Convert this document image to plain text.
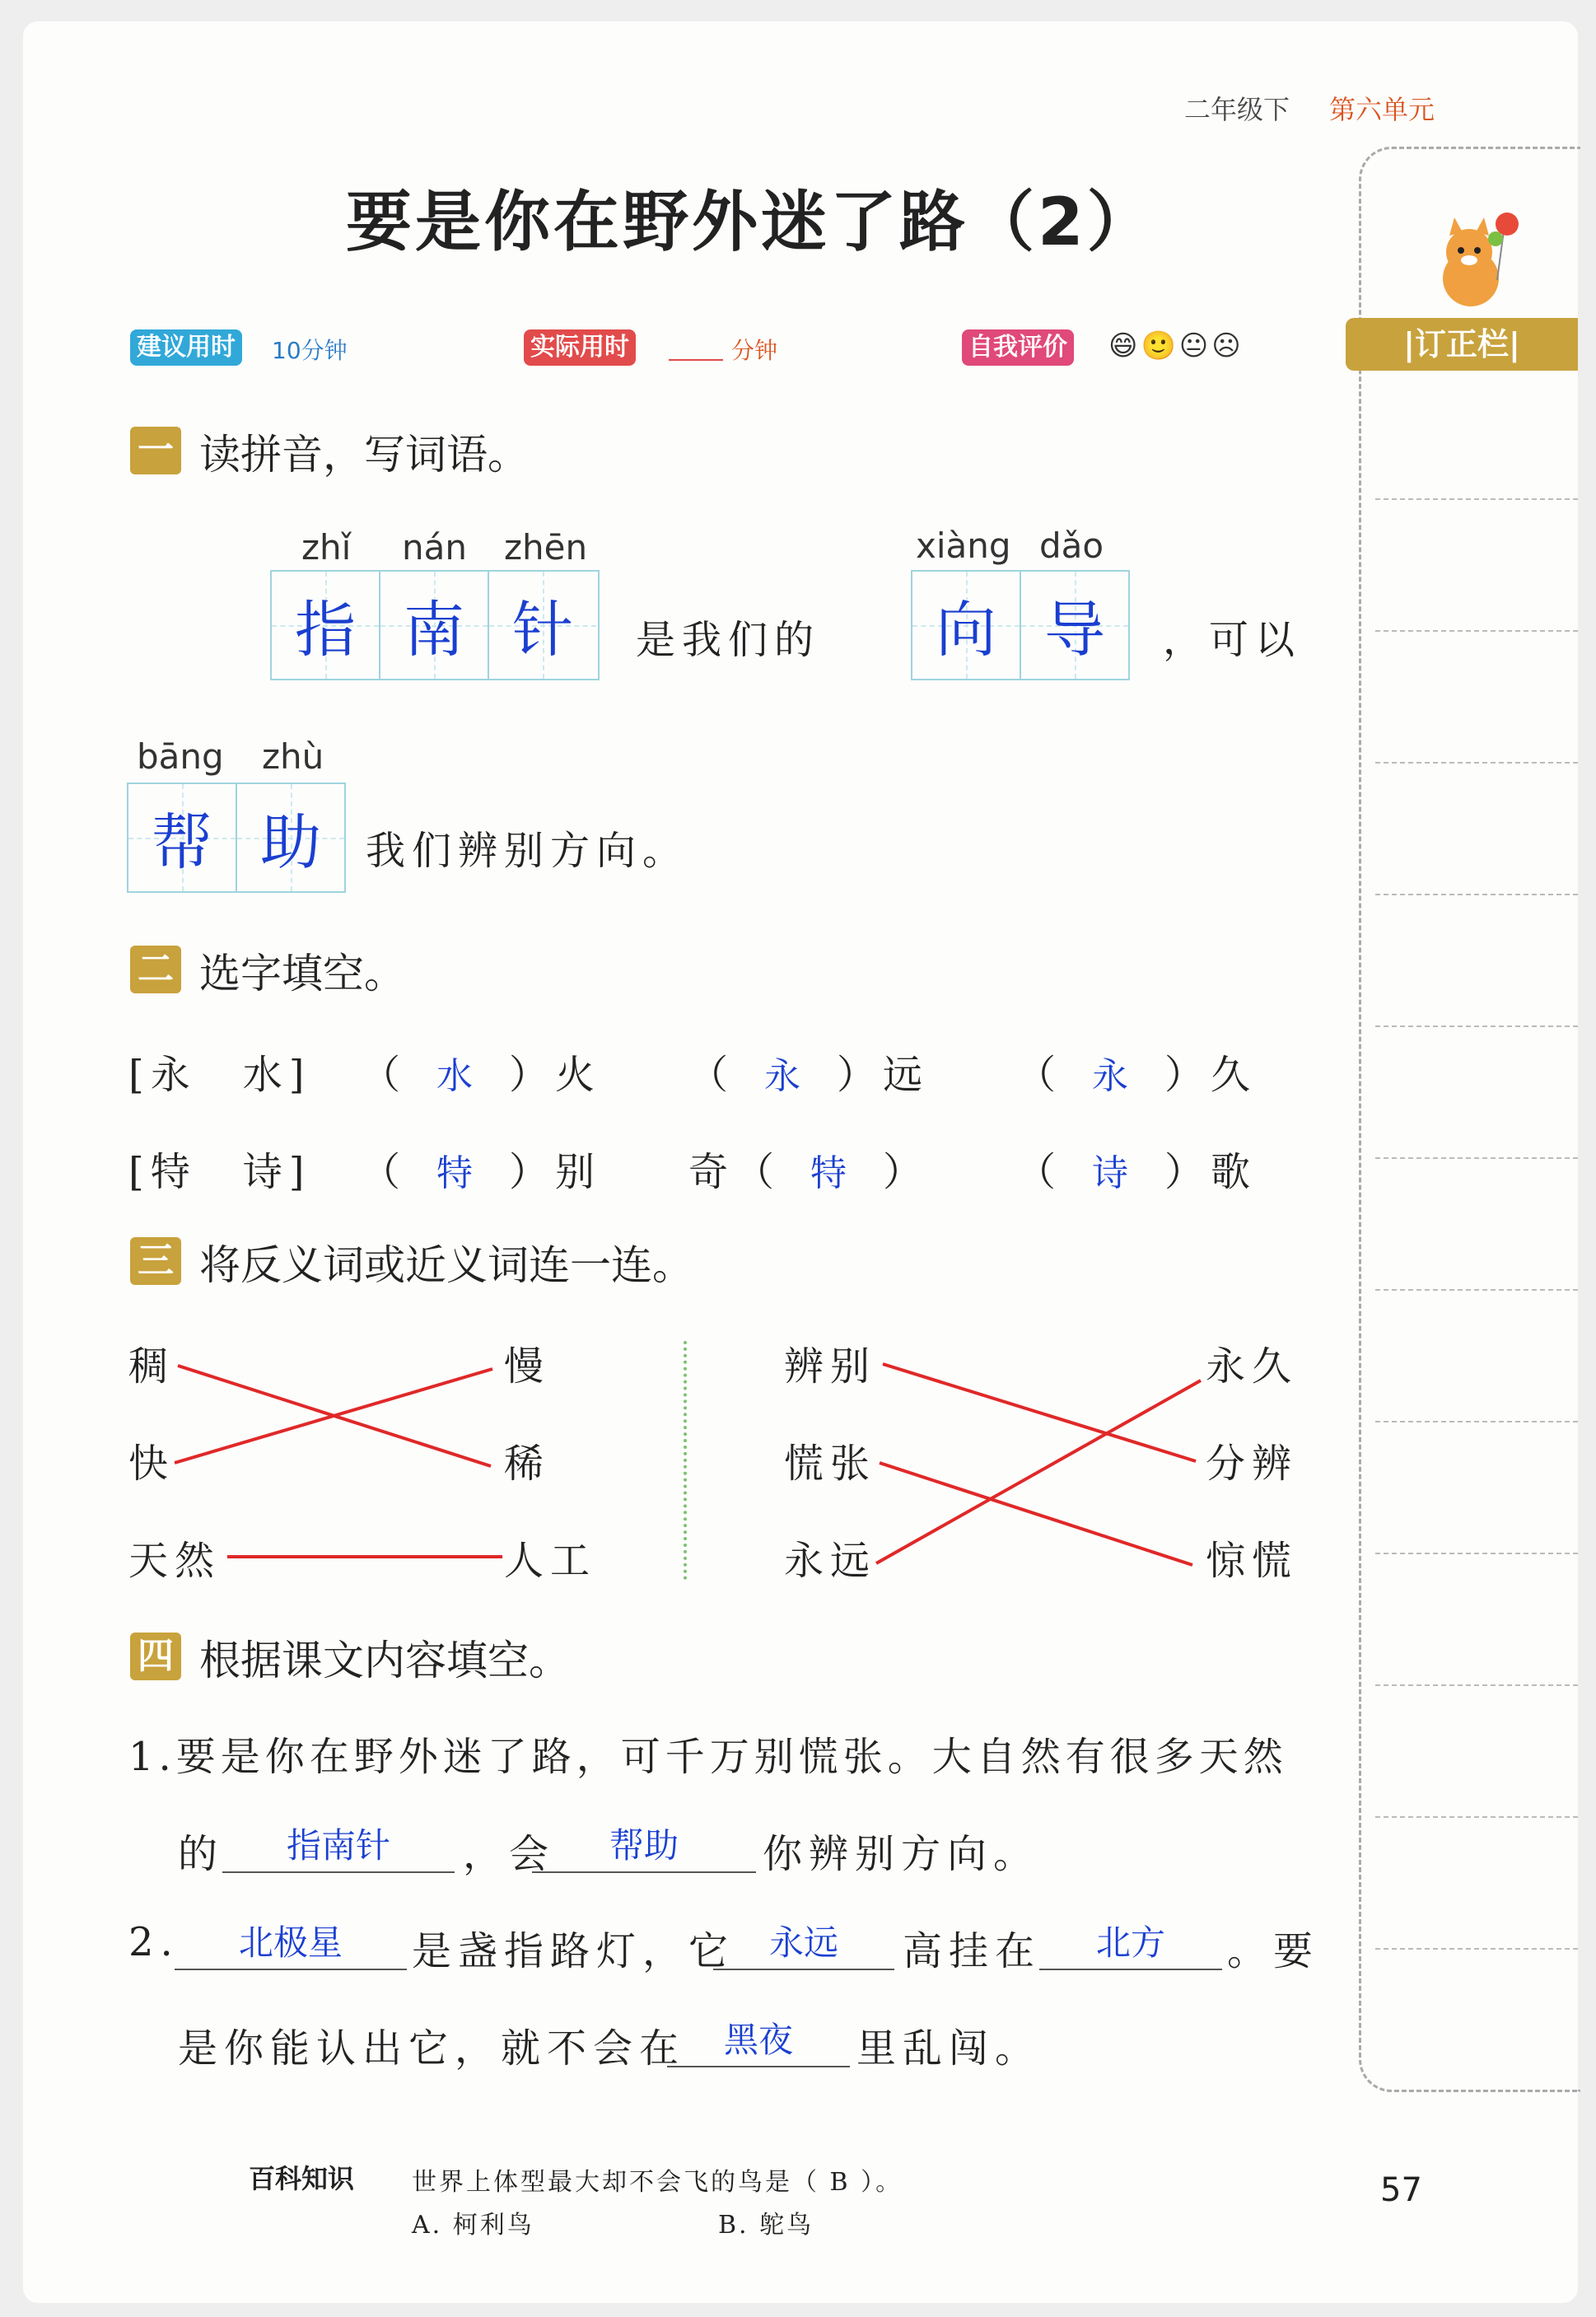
二年级下 第六单元
要是你在野外迷了路（2）
建议用时 10分钟	实际用时	分钟	自我评价 😄 🙂 😐 ☹	|订正栏|
一 读拼音，写词语。
zhǐ nán zhēn
指 南 针 是我们的
xiàng dǎo
向 导 ，可以
bāng zhù
帮 助 我们辨别方向。
二 选字填空。
[永　水] （ 水 ）火 （ 永 ）远 （ 永 ）久
[特　诗] （ 特 ）别 奇（ 特 ） （ 诗 ）歌
三 将反义词或近义词连一连。
稠
快
天然
慢
稀
人工
辨别
慌张
永远
永久
分辨
惊慌
四 根据课文内容填空。
1.要是你在野外迷了路，可千万别慌张。大自然有很多天然
的	指南针	，会	帮助	你辨别方向。
2.	北极星	是盏指路灯，它 永远	高挂在	北方	。要
是你能认出它，就不会在	黑夜	里乱闯。
百科知识 世界上体型最大却不会飞的鸟是（ B ）。
A. 柯利鸟	B. 鸵鸟
57
